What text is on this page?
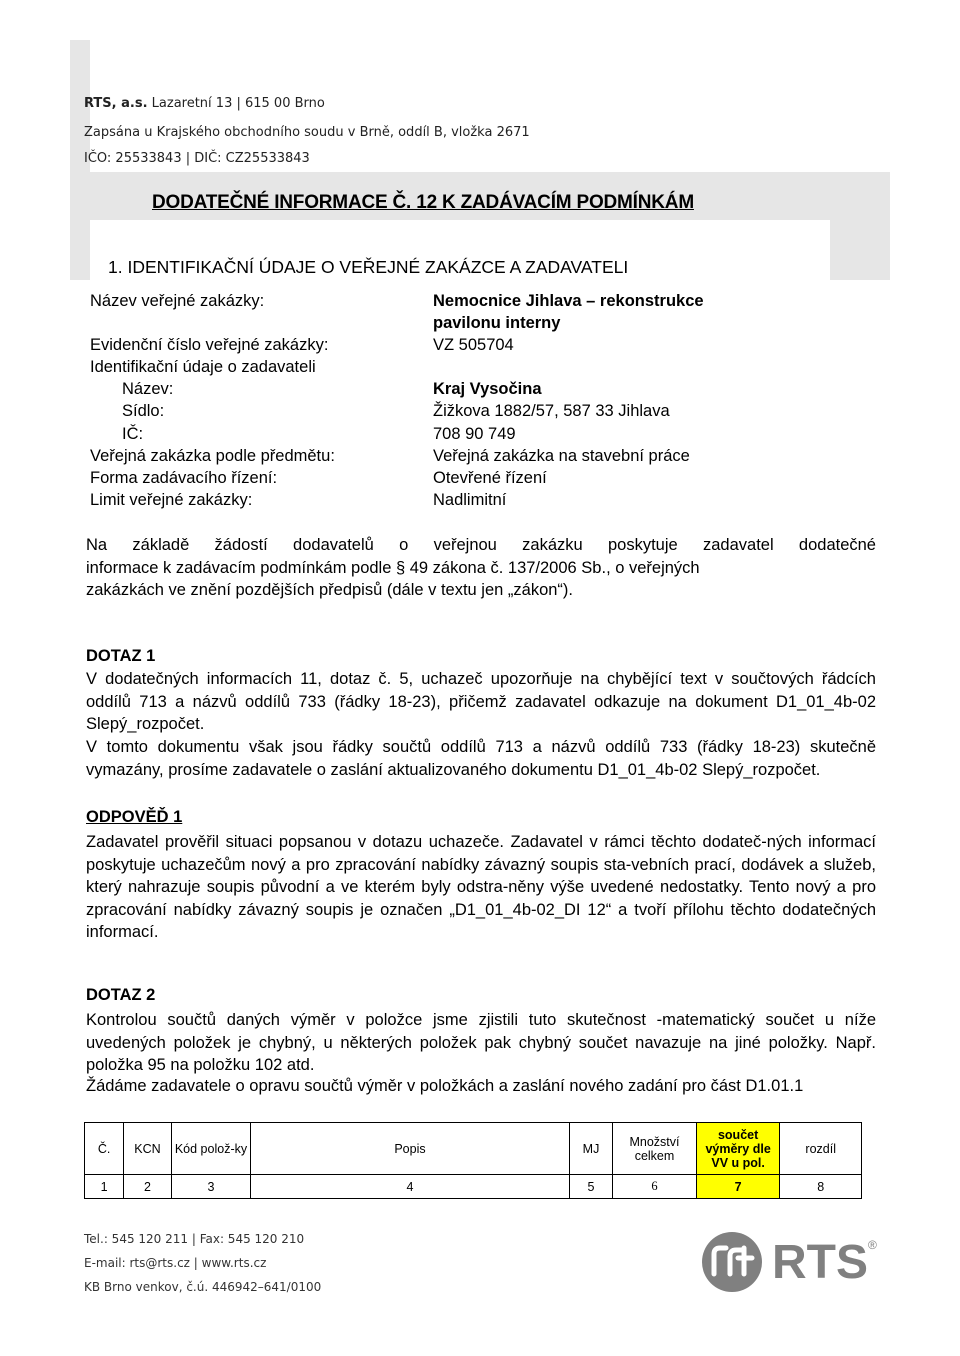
RTS, a.s. Lazaretní 13 | 615 00 Brno
Zapsána u Krajského obchodního soudu v Brně, oddíl B, vložka 2671
IČO: 25533843 | DIČ: CZ25533843
DODATEČNÉ INFORMACE Č. 12 K ZADÁVACÍM PODMÍNKÁM
1. IDENTIFIKAČNÍ ÚDAJE O VEŘEJNÉ ZAKÁZCE A ZADAVATELI
Název veřejné zakázky:	Nemocnice Jihlava – rekonstrukce
pavilonu interny
Evidenční číslo veřejné zakázky:	VZ 505704
Identifikační údaje o zadavateli
Název:	Kraj Vysočina
Sídlo:	Žižkova 1882/57, 587 33 Jihlava
IČ:	708 90 749
Veřejná zakázka podle předmětu:	Veřejná zakázka na stavební práce
Forma zadávacího řízení:	Otevřené řízení
Limit veřejné zakázky:	Nadlimitní
Na základě žádostí dodavatelů o veřejnou zakázku poskytuje zadavatel dodatečné
informace k zadávacím podmínkám podle § 49 zákona č. 137/2006 Sb., o veřejných
zakázkách ve znění pozdějších předpisů (dále v textu jen „zákon“).
DOTAZ 1
V dodatečných informacích 11, dotaz č. 5, uchazeč upozorňuje na chybějící text v součtových řádcích oddílů 713 a názvů oddílů 733 (řádky 18-23), přičemž zadavatel odkazuje na dokument D1_01_4b-02 Slepý_rozpočet.
V tomto dokumentu však jsou řádky součtů oddílů 713 a názvů oddílů 733 (řádky 18-23) skutečně vymazány, prosíme zadavatele o zaslání aktualizovaného dokumentu D1_01_4b-02 Slepý_rozpočet.
ODPOVĚĎ 1
Zadavatel prověřil situaci popsanou v dotazu uchazeče. Zadavatel v rámci těchto dodateč-ných informací poskytuje uchazečům nový a pro zpracování nabídky závazný soupis sta-vebních prací, dodávek a služeb, který nahrazuje soupis původní a ve kterém byly odstra-něny výše uvedené nedostatky. Tento nový a pro zpracování nabídky závazný soupis je označen „D1_01_4b-02_DI 12“ a tvoří přílohu těchto dodatečných informací.
DOTAZ 2
Kontrolou součtů daných výměr v položce jsme zjistili tuto skutečnost -matematický součet u níže uvedených položek je chybný, u některých položek pak chybný součet navazuje na jiné položky. Např. položka 95 na položku 102 atd.
Žádáme zadavatele o opravu součtů výměr v položkách a zaslání nového zadání pro část D1.01.1
Č.	KCN	Kód polož-ky	Popis	MJ	Množství celkem	součet výměry dle VV u pol.	rozdíl
1	2	3	4	5	6	7	8
Tel.: 545 120 211 | Fax: 545 120 210
E-mail: rts@rts.cz | www.rts.cz
KB Brno venkov, č.ú. 446942–641/0100	RTS ®
